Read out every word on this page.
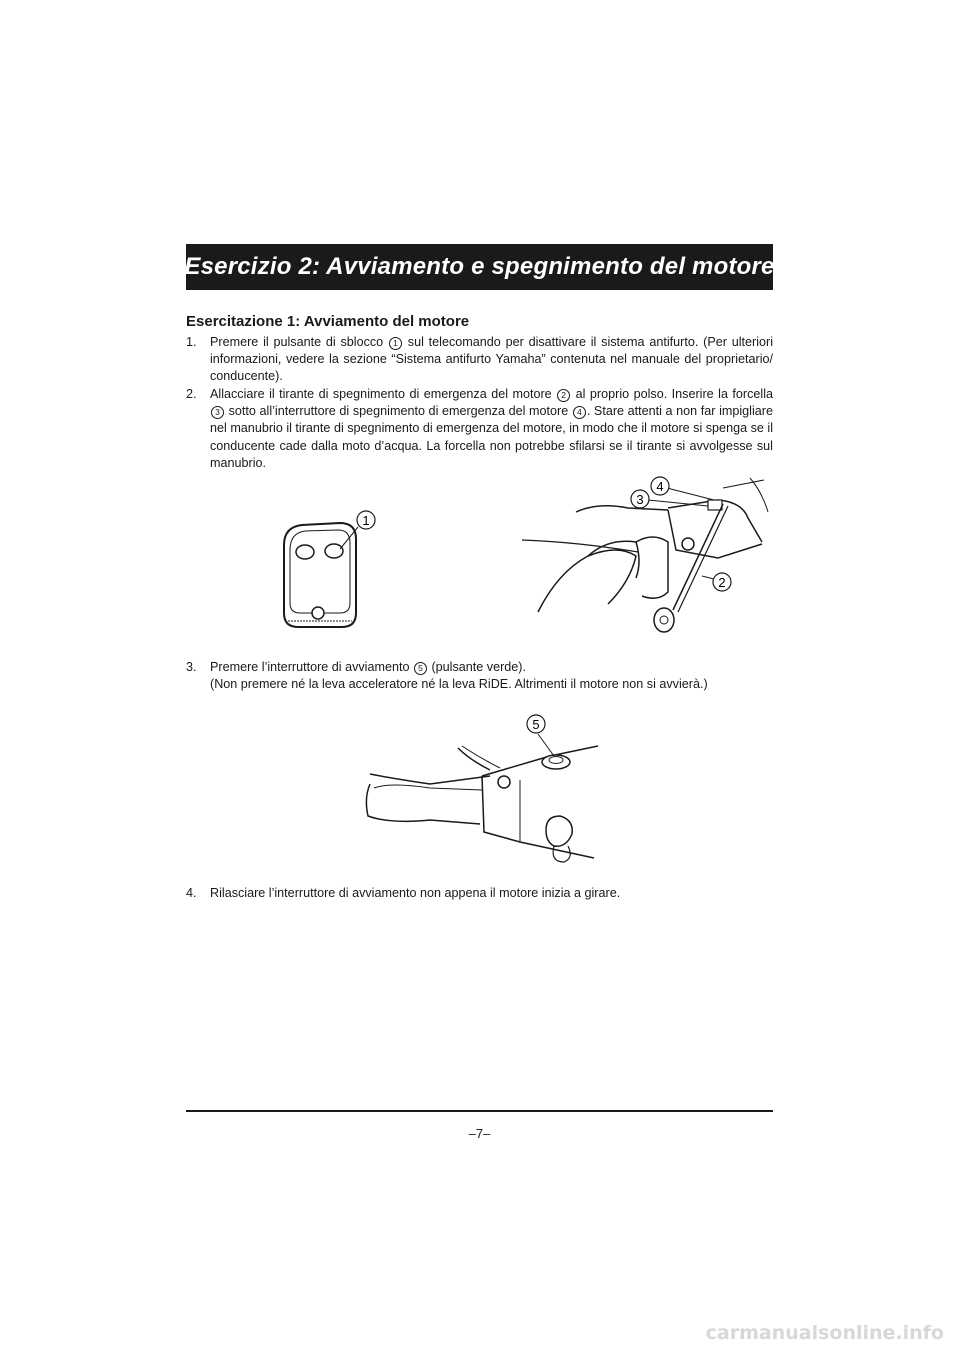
Esercizio 2: Avviamento e spegnimento del motore
Esercitazione 1: Avviamento del motore
1. Premere il pulsante di sblocco 1 sul telecomando per disattivare il sistema antifurto. (Per ulteriori informazioni, vedere la sezione “Sistema antifurto Yamaha” contenuta nel manuale del proprietario/ conducente).
2. Allacciare il tirante di spegnimento di emergenza del motore 2 al proprio polso. Inserire la forcella 3 sotto all’interruttore di spegnimento di emergenza del motore 4 . Stare attenti a non far impigliare nel manubrio il tirante di spegnimento di emergenza del motore, in modo che il motore si spenga se il conducente cade dalla moto d’acqua. La forcella non potrebbe sfilarsi se il tirante si avvolgesse sul manubrio.
1
2
3
4
3. Premere l’interruttore di avviamento 5 (pulsante verde).
(Non premere né la leva acceleratore né la leva RiDE. Altrimenti il motore non si avvierà.)
5
4. Rilasciare l’interruttore di avviamento non appena il motore inizia a girare.
–7–
carmanualsonline.info
